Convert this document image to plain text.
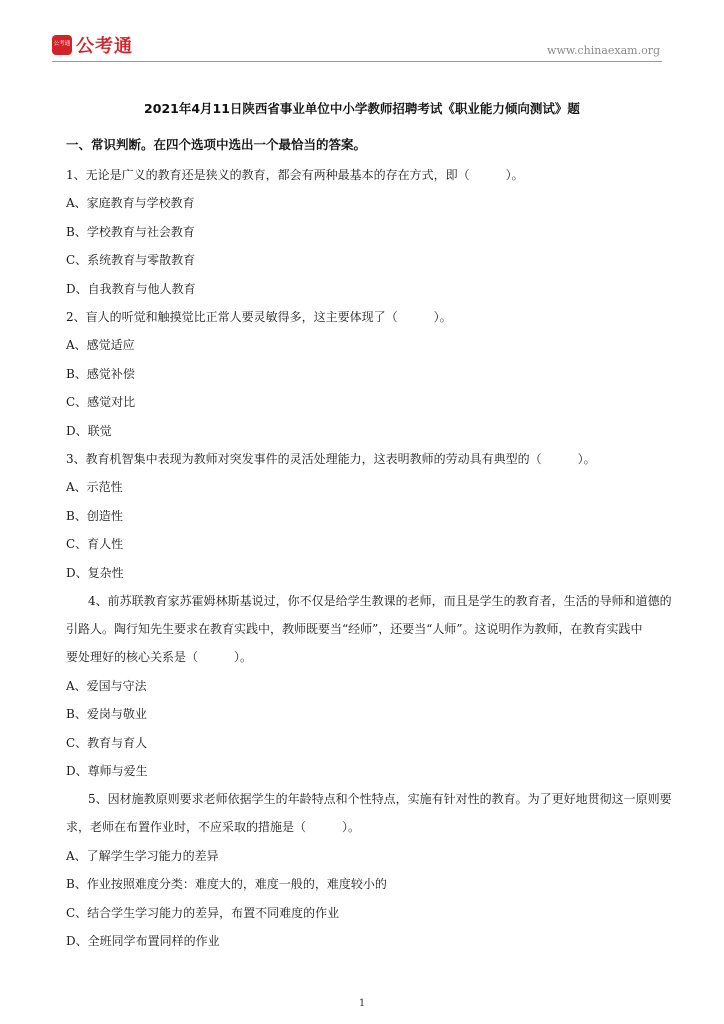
公考通 公考通	www.chinaexam.org
2021年4月11日陕西省事业单位中小学教师招聘考试《职业能力倾向测试》题
一、常识判断。在四个选项中选出一个最恰当的答案。
1、无论是广义的教育还是狭义的教育，都会有两种最基本的存在方式，即（　　　）。
A、家庭教育与学校教育
B、学校教育与社会教育
C、系统教育与零散教育
D、自我教育与他人教育
2、盲人的听觉和触摸觉比正常人要灵敏得多，这主要体现了（　　　）。
A、感觉适应
B、感觉补偿
C、感觉对比
D、联觉
3、教育机智集中表现为教师对突发事件的灵活处理能力，这表明教师的劳动具有典型的（　　　）。
A、示范性
B、创造性
C、育人性
D、复杂性
4、前苏联教育家苏霍姆林斯基说过，你不仅是给学生教课的老师，而且是学生的教育者，生活的导师和道德的
引路人。陶行知先生要求在教育实践中，教师既要当“经师”，还要当“人师”。这说明作为教师，在教育实践中
要处理好的核心关系是（　　　）。
A、爱国与守法
B、爱岗与敬业
C、教育与育人
D、尊师与爱生
5、因材施教原则要求老师依据学生的年龄特点和个性特点，实施有针对性的教育。为了更好地贯彻这一原则要
求，老师在布置作业时，不应采取的措施是（　　　）。
A、了解学生学习能力的差异
B、作业按照难度分类：难度大的，难度一般的，难度较小的
C、结合学生学习能力的差异，布置不同难度的作业
D、全班同学布置同样的作业
1
